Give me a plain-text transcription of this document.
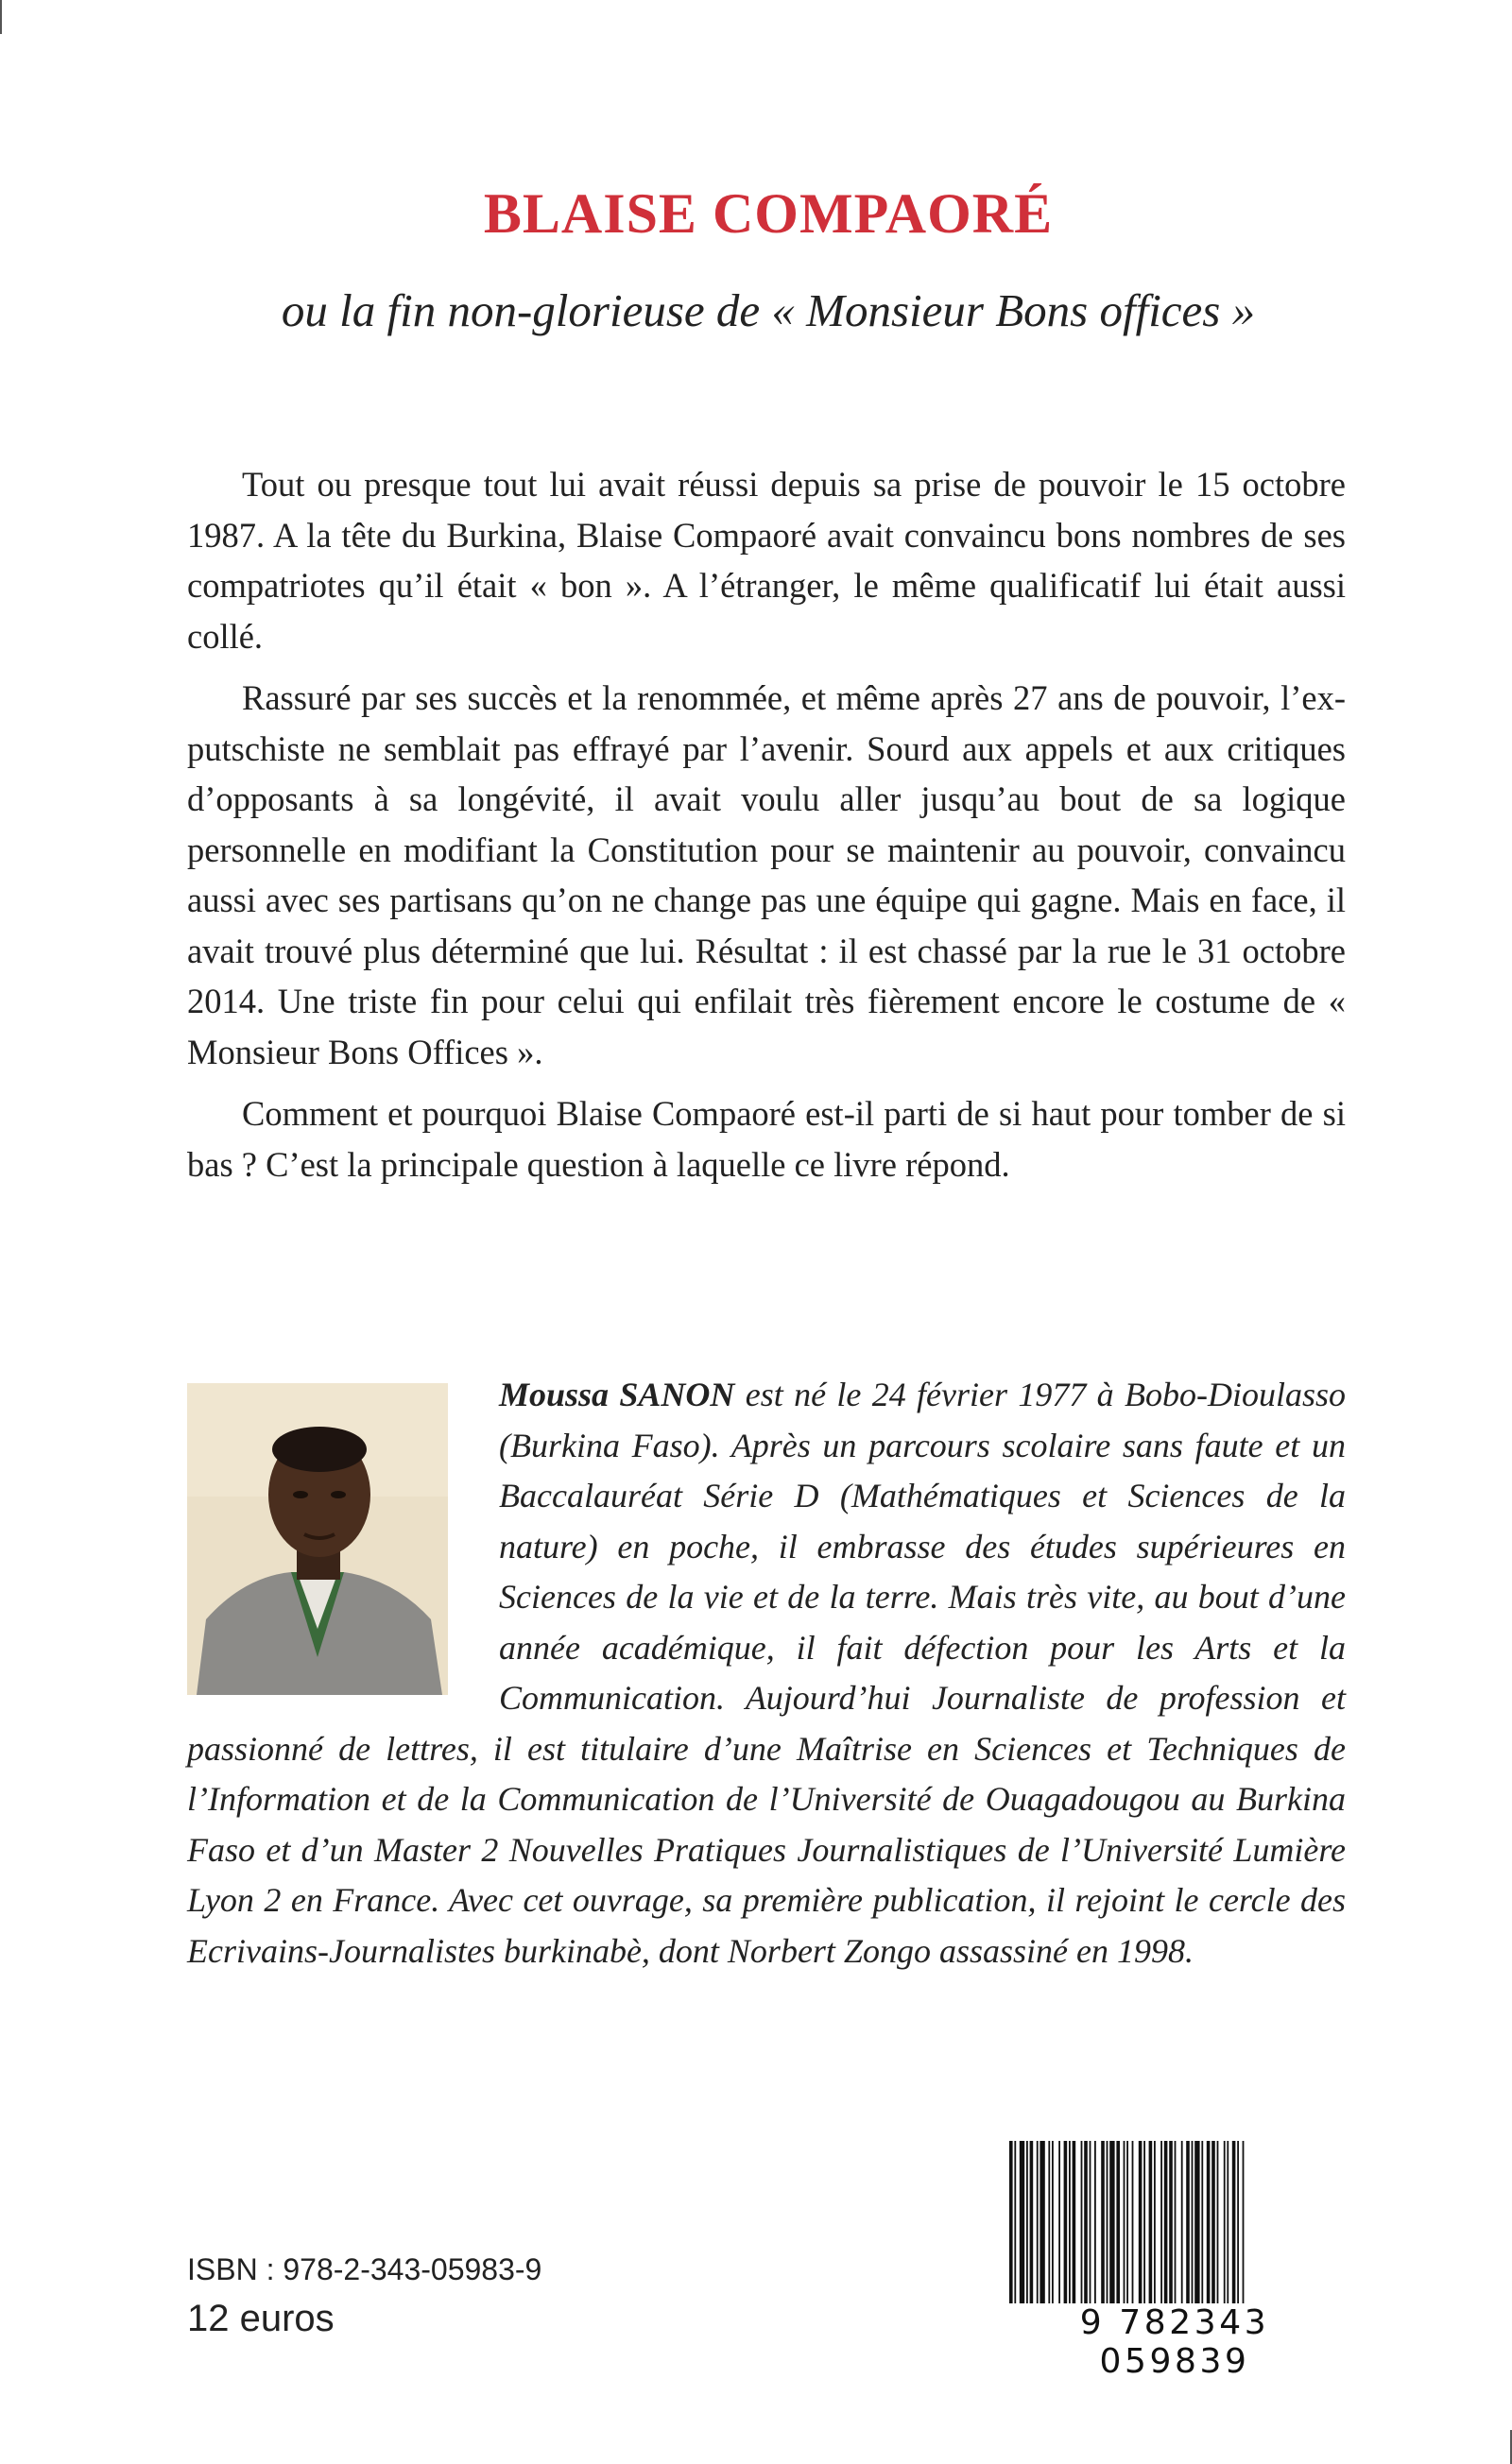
BLAISE COMPAORÉ
ou la fin non-glorieuse de « Monsieur Bons offices »

Tout ou presque tout lui avait réussi depuis sa prise de pouvoir le 15 octobre 1987. A la tête du Burkina, Blaise Compaoré avait convaincu bons nombres de ses compatriotes qu’il était « bon ». A l’étranger, le même qualificatif lui était aussi collé.

Rassuré par ses succès et la renommée, et même après 27 ans de pouvoir, l’ex-putschiste ne semblait pas effrayé par l’avenir. Sourd aux appels et aux critiques d’opposants à sa longévité, il avait voulu aller jusqu’au bout de sa logique personnelle en modifiant la Constitution pour se maintenir au pouvoir, convaincu aussi avec ses partisans qu’on ne change pas une équipe qui gagne. Mais en face, il avait trouvé plus déterminé que lui. Résultat : il est chassé par la rue le 31 octobre 2014. Une triste fin pour celui qui enfilait très fièrement encore le costume de « Monsieur Bons Offices ».

Comment et pourquoi Blaise Compaoré est-il parti de si haut pour tomber de si bas ? C’est la principale question à laquelle ce livre répond.

Moussa SANON est né le 24 février 1977 à Bobo-Dioulasso (Burkina Faso). Après un parcours scolaire sans faute et un Baccalauréat Série D (Mathématiques et Sciences de la nature) en poche, il embrasse des études supérieures en Sciences de la vie et de la terre. Mais très vite, au bout d’une année académique, il fait défection pour les Arts et la Communication. Aujourd’hui Journaliste de profession et passionné de lettres, il est titulaire d’une Maîtrise en Sciences et Techniques de l’Information et de la Communication de l’Université de Ouagadougou au Burkina Faso et d’un Master 2 Nouvelles Pratiques Journalistiques de l’Université Lumière Lyon 2 en France. Avec cet ouvrage, sa première publication, il rejoint le cercle des Ecrivains-Journalistes burkinabè, dont Norbert Zongo assassiné en 1998.
ISBN : 978-2-343-05983-9
12 euros	9 782343 059839
